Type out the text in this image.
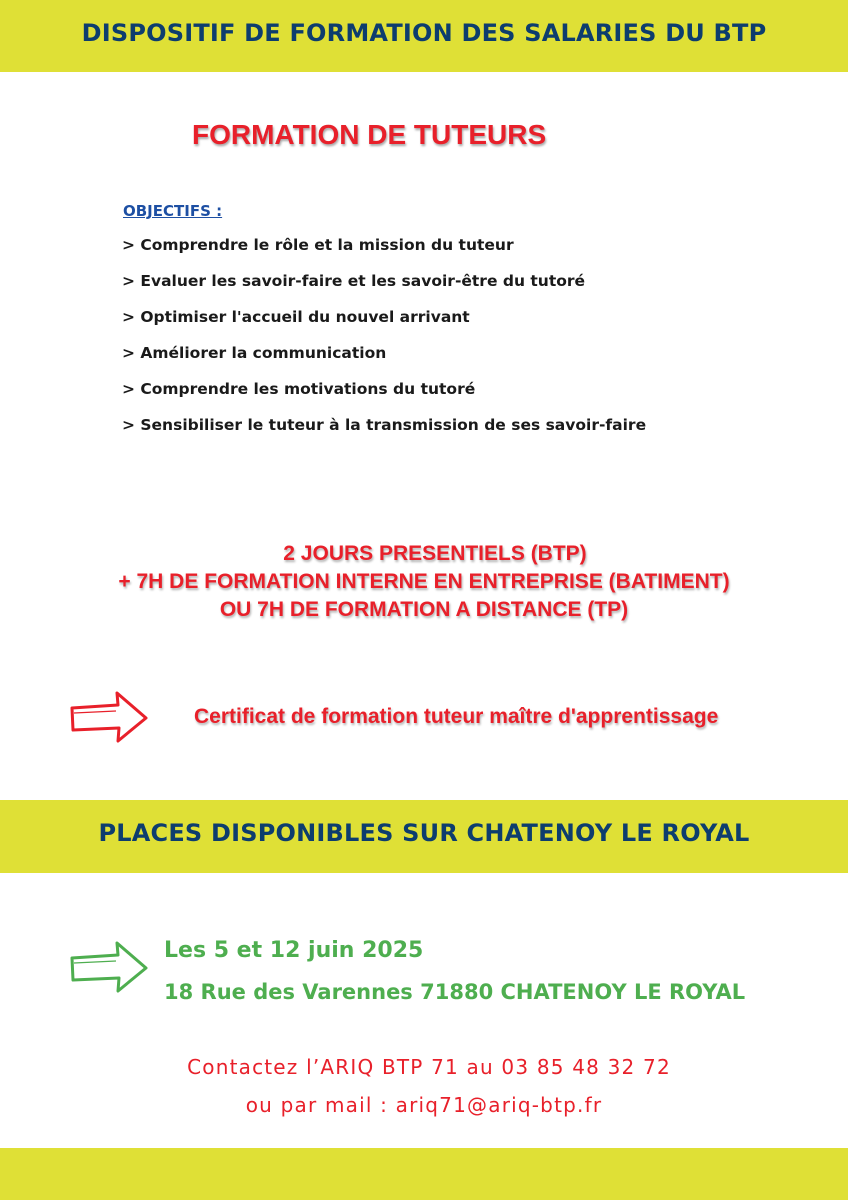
DISPOSITIF DE FORMATION DES SALARIES DU BTP
FORMATION DE TUTEURS
OBJECTIFS :
> Comprendre le rôle et la mission du tuteur
> Evaluer les savoir-faire et les savoir-être du tutoré
> Optimiser l'accueil du nouvel arrivant
> Améliorer la communication
> Comprendre les motivations du tutoré
> Sensibiliser le tuteur à la transmission de ses savoir-faire
2 JOURS PRESENTIELS (BTP)
+ 7H DE FORMATION INTERNE EN ENTREPRISE (BATIMENT)
OU 7H DE FORMATION A DISTANCE (TP)
Certificat de formation tuteur maître d'apprentissage
PLACES DISPONIBLES SUR CHATENOY LE ROYAL
Les 5 et 12 juin 2025
18 Rue des Varennes 71880 CHATENOY LE ROYAL
Contactez l’ARIQ BTP 71 au 03 85 48 32 72
ou par mail : ariq71@ariq-btp.fr
